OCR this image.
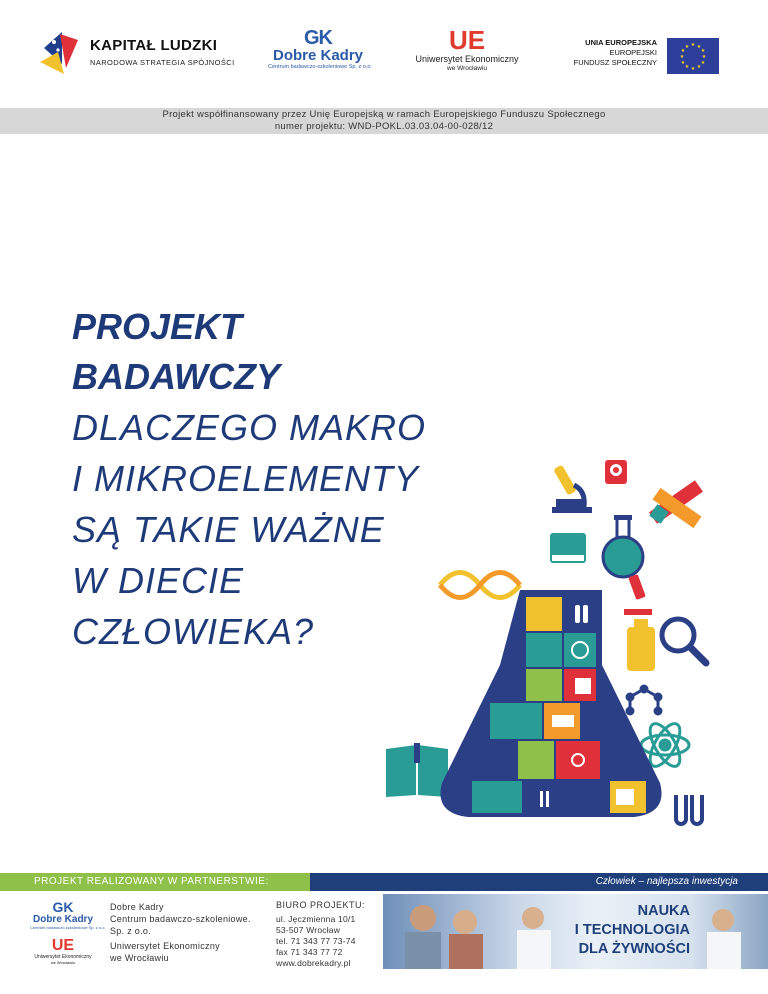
KAPITAŁ LUDZKI
NARODOWA STRATEGIA SPÓJNOŚCI
GK
Dobre Kadry
Centrum badawczo-szkoleniowe Sp. z o.o.
UE
Uniwersytet Ekonomiczny
we Wrocławiu
UNIA EUROPEJSKA
EUROPEJSKI
FUNDUSZ SPOŁECZNY
★ ★
★
★
★
★
★
★
★
★
★
★
Projekt współfinansowany przez Unię Europejską w ramach Europejskiego Funduszu Społecznego
numer projektu: WND-POKL.03.03.04-00-028/12
PROJEKT
BADAWCZY
DLACZEGO MAKRO
I MIKROELEMENTY
SĄ TAKIE WAŻNE
W DIECIE
CZŁOWIEKA?
PROJEKT REALIZOWANY W PARTNERSTWIE:	Człowiek – najlepsza inwestycja
GK
Dobre Kadry
Centrum badawczo-szkoleniowe Sp. z o.o.
UE
Uniwersytet Ekonomiczny
we Wrocławiu
Dobre Kadry
Centrum badawczo-szkoleniowe.
Sp. z o.o.
Uniwersytet Ekonomiczny
we Wrocławiu
BIURO PROJEKTU:
ul. Jęczmienna 10/1
53-507 Wrocław
tel. 71 343 77 73-74
fax 71 343 77 72
www.dobrekadry.pl
NAUKA
I TECHNOLOGIA
DLA ŻYWNOŚCI
